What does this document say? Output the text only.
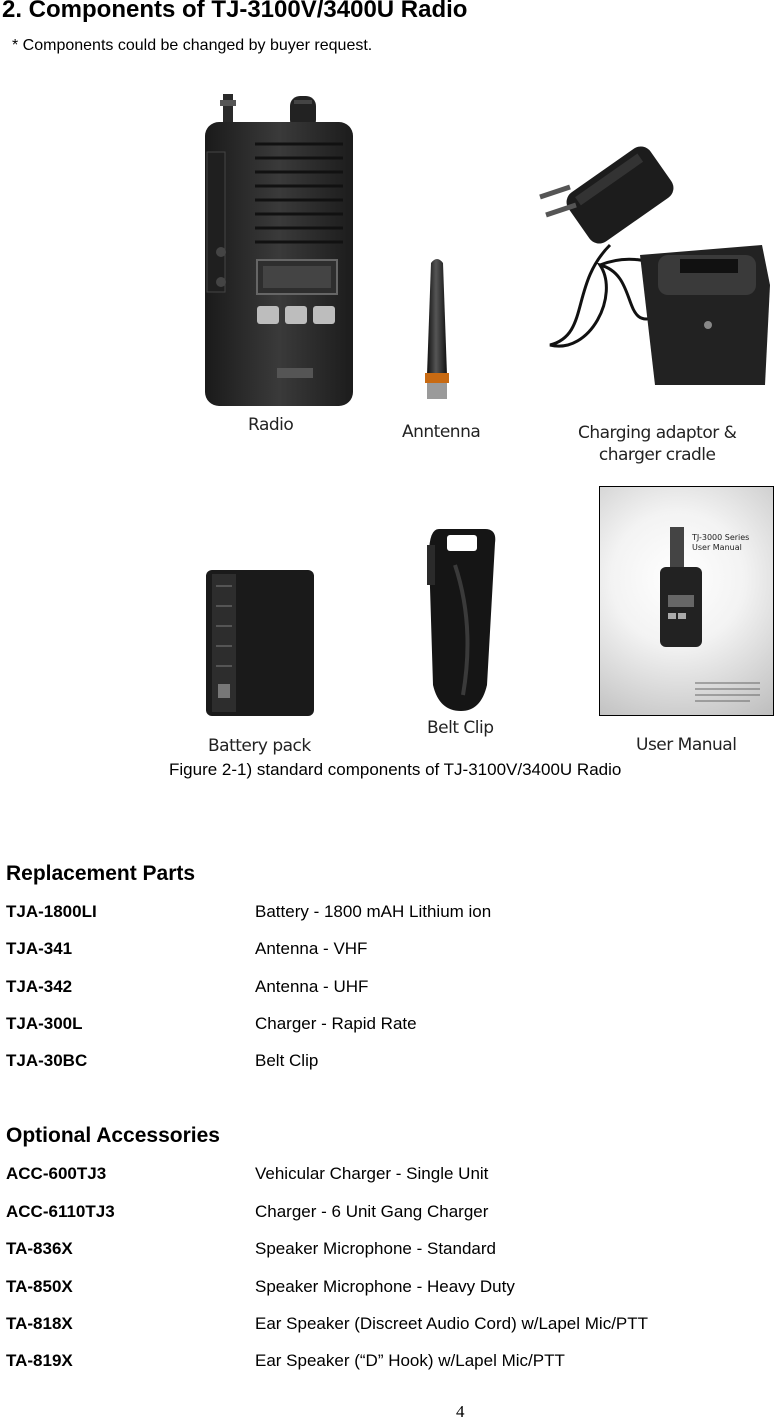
2. Components of TJ-3100V/3400U Radio
* Components could be changed by buyer request.
Radio	Anntenna	Charging adaptor &
charger cradle
Battery pack
Belt Clip
TJ-3000 Series
User Manual
User Manual
Figure 2-1) standard components of TJ-3100V/3400U Radio
Replacement Parts
TJA-1800LI	Battery - 1800 mAH Lithium ion
TJA-341	Antenna - VHF
TJA-342	Antenna - UHF
TJA-300L	Charger - Rapid Rate
TJA-30BC	Belt Clip
Optional Accessories
ACC-600TJ3	Vehicular Charger - Single Unit
ACC-6110TJ3	Charger - 6 Unit Gang Charger
TA-836X	Speaker Microphone - Standard
TA-850X	Speaker Microphone - Heavy Duty
TA-818X	Ear Speaker (Discreet Audio Cord) w/Lapel Mic/PTT
TA-819X	Ear Speaker (“D” Hook) w/Lapel Mic/PTT
4
